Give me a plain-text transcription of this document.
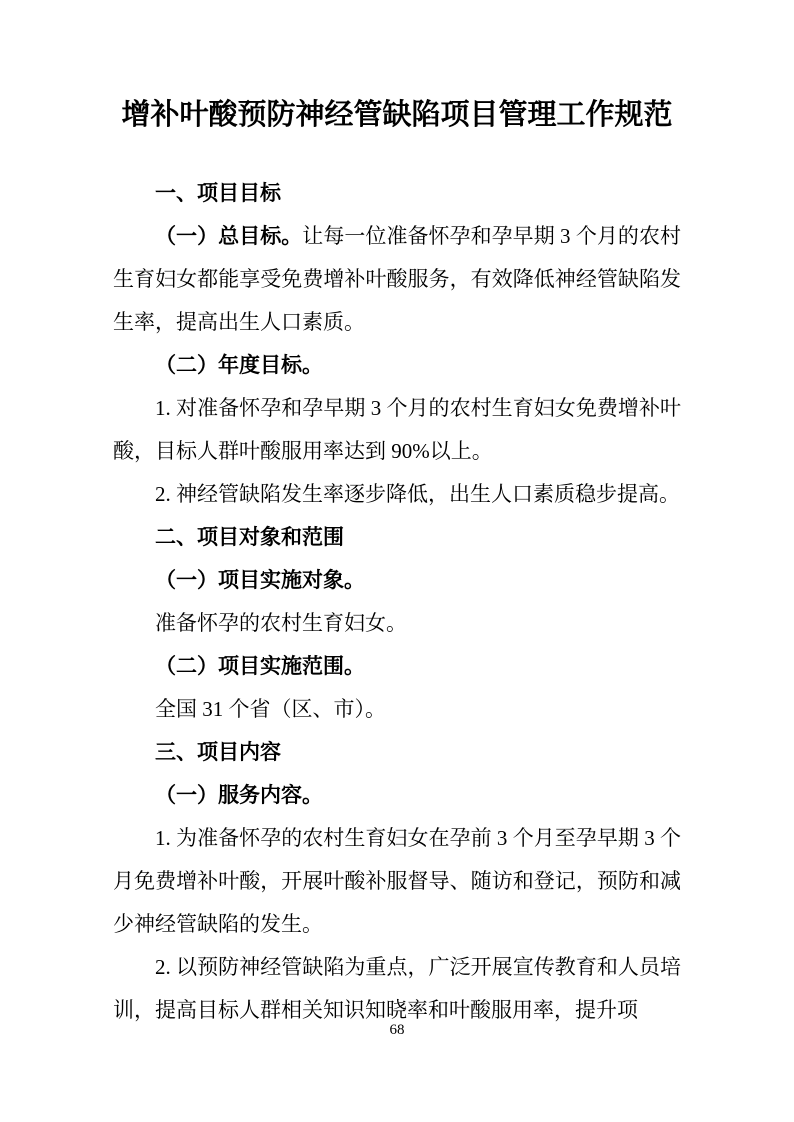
增补叶酸预防神经管缺陷项目管理工作规范

一、项目目标

（一）总目标。让每一位准备怀孕和孕早期 3 个月的农村生育妇女都能享受免费增补叶酸服务，有效降低神经管缺陷发生率，提高出生人口素质。

（二）年度目标。

1. 对准备怀孕和孕早期 3 个月的农村生育妇女免费增补叶酸，目标人群叶酸服用率达到 90%以上。

2. 神经管缺陷发生率逐步降低，出生人口素质稳步提高。

二、项目对象和范围

（一）项目实施对象。

准备怀孕的农村生育妇女。

（二）项目实施范围。

全国 31 个省（区、市）。

三、项目内容

（一）服务内容。

1. 为准备怀孕的农村生育妇女在孕前 3 个月至孕早期 3 个月免费增补叶酸，开展叶酸补服督导、随访和登记，预防和减少神经管缺陷的发生。

2. 以预防神经管缺陷为重点，广泛开展宣传教育和人员培训，提高目标人群相关知识知晓率和叶酸服用率，提升项

68
